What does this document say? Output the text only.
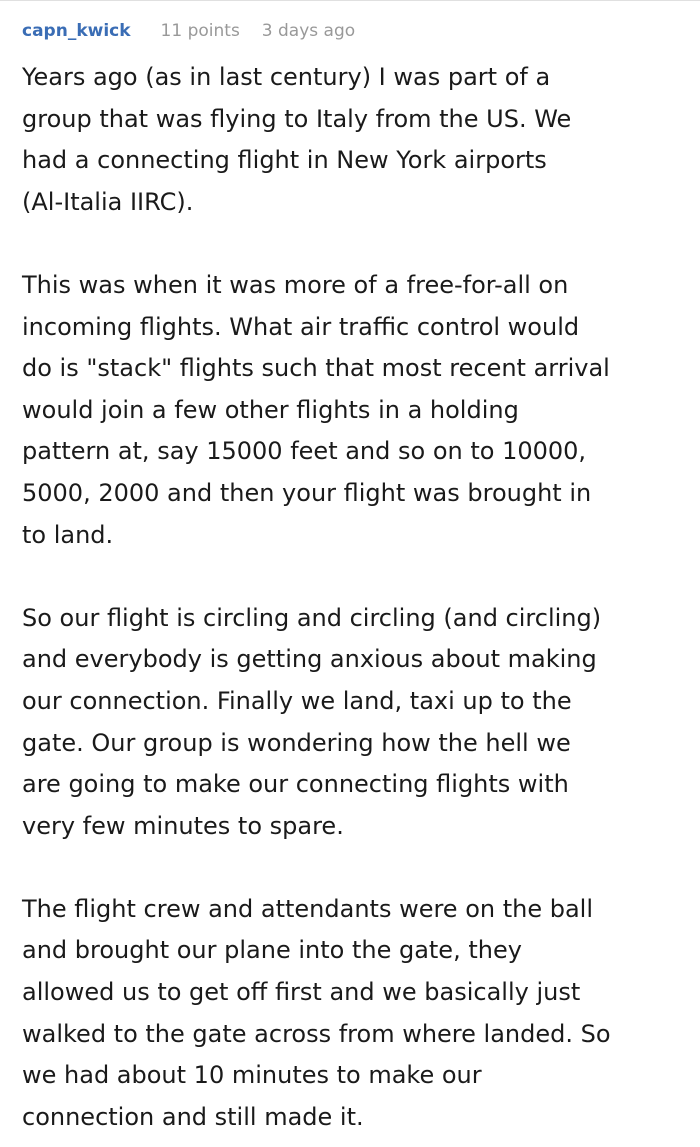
capn_kwick 11 points 3 days ago
Years ago (as in last century) I was part of a
group that was flying to Italy from the US. We
had a connecting flight in New York airports
(Al-Italia IIRC).
This was when it was more of a free-for-all on
incoming flights. What air traffic control would
do is "stack" flights such that most recent arrival
would join a few other flights in a holding
pattern at, say 15000 feet and so on to 10000,
5000, 2000 and then your flight was brought in
to land.
So our flight is circling and circling (and circling)
and everybody is getting anxious about making
our connection. Finally we land, taxi up to the
gate. Our group is wondering how the hell we
are going to make our connecting flights with
very few minutes to spare.
The flight crew and attendants were on the ball
and brought our plane into the gate, they
allowed us to get off first and we basically just
walked to the gate across from where landed. So
we had about 10 minutes to make our
connection and still made it.
